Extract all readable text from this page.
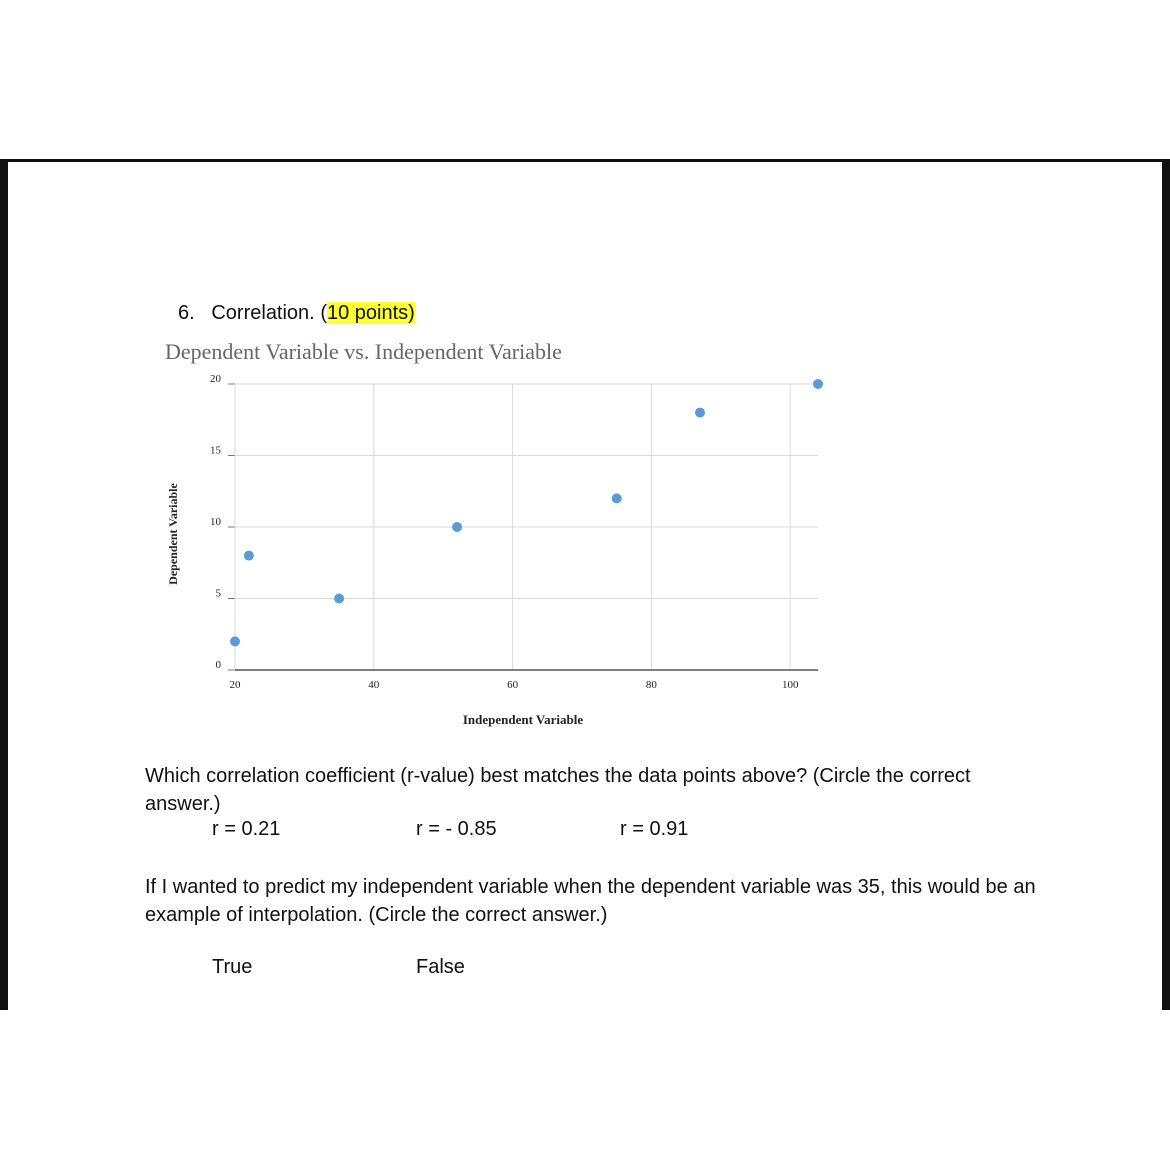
6. Correlation. (10 points)
Dependent Variable vs. Independent Variable
20	40	60	80	100
0
5
10
15
20
Independent Variable
Dependent Variable
Which correlation coefficient (r-value) best matches the data points above? (Circle the correct answer.)
r = 0.21	r = - 0.85	r = 0.91
If I wanted to predict my independent variable when the dependent variable was 35, this would be an example of interpolation. (Circle the correct answer.)
True	False
